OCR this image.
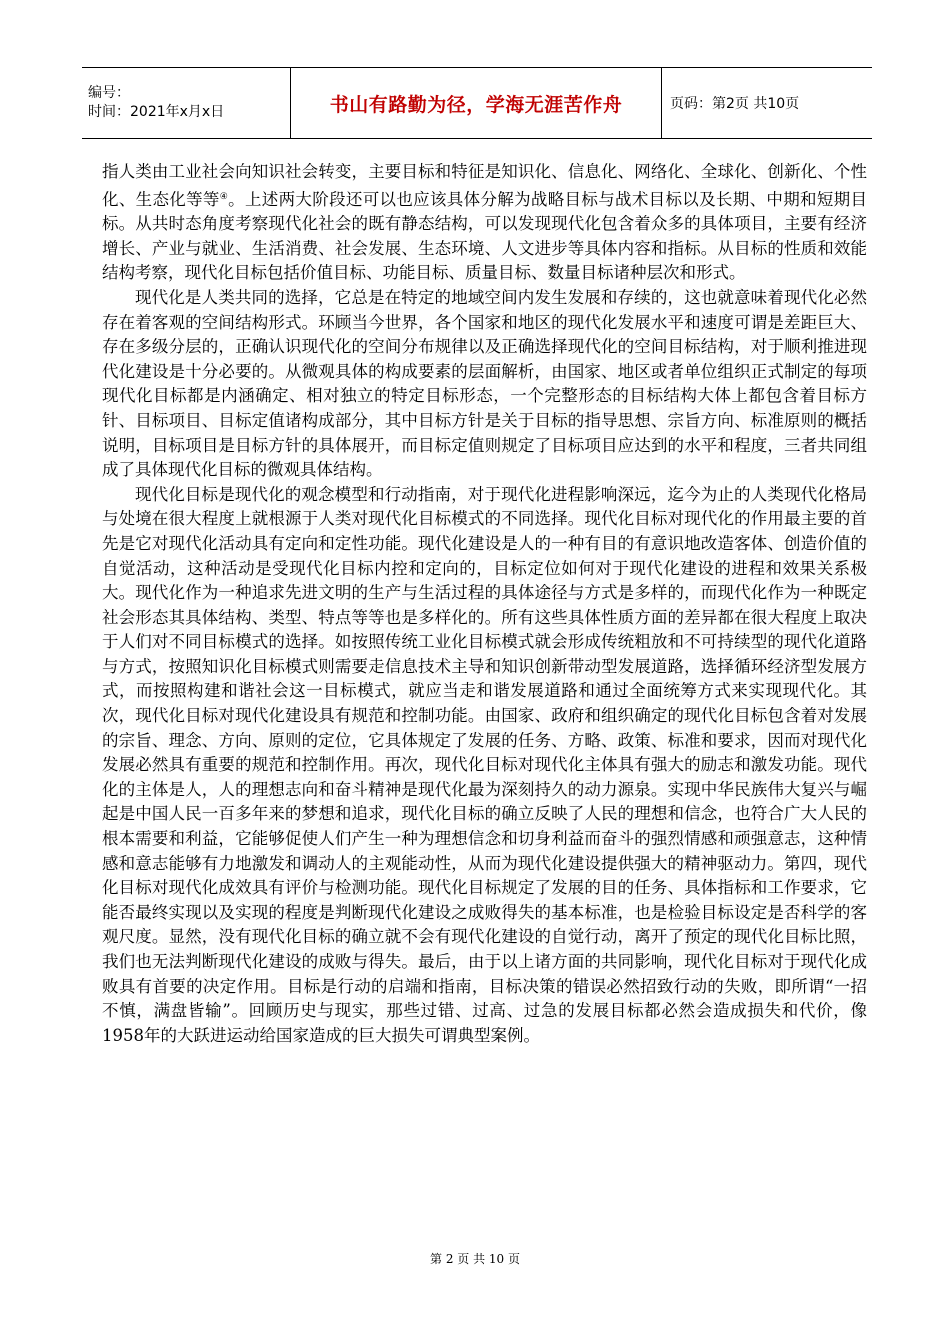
编号：
时间：2021年x月x日	书山有路勤为径，学海无涯苦作舟	页码：第2页 共10页

指人类由工业社会向知识社会转变，主要目标和特征是知识化、信息化、网络化、全球化、创新化、个性化、生态化等等④。上述两大阶段还可以也应该具体分解为战略目标与战术目标以及长期、中期和短期目标。从共时态角度考察现代化社会的既有静态结构，可以发现现代化包含着众多的具体项目，主要有经济增长、产业与就业、生活消费、社会发展、生态环境、人文进步等具体内容和指标。从目标的性质和效能结构考察，现代化目标包括价值目标、功能目标、质量目标、数量目标诸种层次和形式。

现代化是人类共同的选择，它总是在特定的地域空间内发生发展和存续的，这也就意味着现代化必然存在着客观的空间结构形式。环顾当今世界，各个国家和地区的现代化发展水平和速度可谓是差距巨大、存在多级分层的，正确认识现代化的空间分布规律以及正确选择现代化的空间目标结构，对于顺利推进现代化建设是十分必要的。从微观具体的构成要素的层面解析，由国家、地区或者单位组织正式制定的每项现代化目标都是内涵确定、相对独立的特定目标形态，一个完整形态的目标结构大体上都包含着目标方针、目标项目、目标定值诸构成部分，其中目标方针是关于目标的指导思想、宗旨方向、标准原则的概括说明，目标项目是目标方针的具体展开，而目标定值则规定了目标项目应达到的水平和程度，三者共同组成了具体现代化目标的微观具体结构。

现代化目标是现代化的观念模型和行动指南，对于现代化进程影响深远，迄今为止的人类现代化格局与处境在很大程度上就根源于人类对现代化目标模式的不同选择。现代化目标对现代化的作用最主要的首先是它对现代化活动具有定向和定性功能。现代化建设是人的一种有目的有意识地改造客体、创造价值的自觉活动，这种活动是受现代化目标内控和定向的，目标定位如何对于现代化建设的进程和效果关系极大。现代化作为一种追求先进文明的生产与生活过程的具体途径与方式是多样的，而现代化作为一种既定社会形态其具体结构、类型、特点等等也是多样化的。所有这些具体性质方面的差异都在很大程度上取决于人们对不同目标模式的选择。如按照传统工业化目标模式就会形成传统粗放和不可持续型的现代化道路与方式，按照知识化目标模式则需要走信息技术主导和知识创新带动型发展道路，选择循环经济型发展方式，而按照构建和谐社会这一目标模式，就应当走和谐发展道路和通过全面统筹方式来实现现代化。其次，现代化目标对现代化建设具有规范和控制功能。由国家、政府和组织确定的现代化目标包含着对发展的宗旨、理念、方向、原则的定位，它具体规定了发展的任务、方略、政策、标准和要求，因而对现代化发展必然具有重要的规范和控制作用。再次，现代化目标对现代化主体具有强大的励志和激发功能。现代化的主体是人，人的理想志向和奋斗精神是现代化最为深刻持久的动力源泉。实现中华民族伟大复兴与崛起是中国人民一百多年来的梦想和追求，现代化目标的确立反映了人民的理想和信念，也符合广大人民的根本需要和利益，它能够促使人们产生一种为理想信念和切身利益而奋斗的强烈情感和顽强意志，这种情感和意志能够有力地激发和调动人的主观能动性，从而为现代化建设提供强大的精神驱动力。第四，现代化目标对现代化成效具有评价与检测功能。现代化目标规定了发展的目的任务、具体指标和工作要求，它能否最终实现以及实现的程度是判断现代化建设之成败得失的基本标准，也是检验目标设定是否科学的客观尺度。显然，没有现代化目标的确立就不会有现代化建设的自觉行动，离开了预定的现代化目标比照，我们也无法判断现代化建设的成败与得失。最后，由于以上诸方面的共同影响，现代化目标对于现代化成败具有首要的决定作用。目标是行动的启端和指南，目标决策的错误必然招致行动的失败，即所谓“一招不慎，满盘皆输”。回顾历史与现实，那些过错、过高、过急的发展目标都必然会造成损失和代价，像1958年的大跃进运动给国家造成的巨大损失可谓典型案例。

第 2 页 共 10 页
